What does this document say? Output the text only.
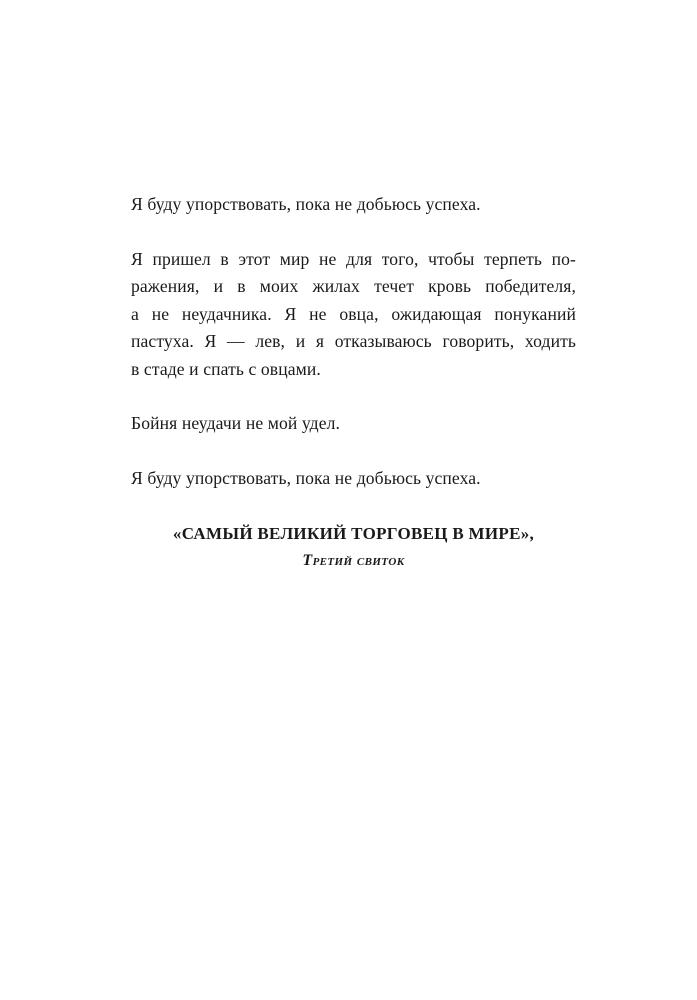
Я буду упорствовать, пока не добьюсь успеха.

Я пришел в этот мир не для того, чтобы терпеть по-
ражения, и в моих жилах течет кровь победителя,
а не неудачника. Я не овца, ожидающая понуканий
пастуха. Я — лев, и я отказываюсь говорить, ходить
в стаде и спать с овцами.

Бойня неудачи не мой удел.

Я буду упорствовать, пока не добьюсь успеха.

«САМЫЙ ВЕЛИКИЙ ТОРГОВЕЦ В МИРЕ»,
Третий свиток
